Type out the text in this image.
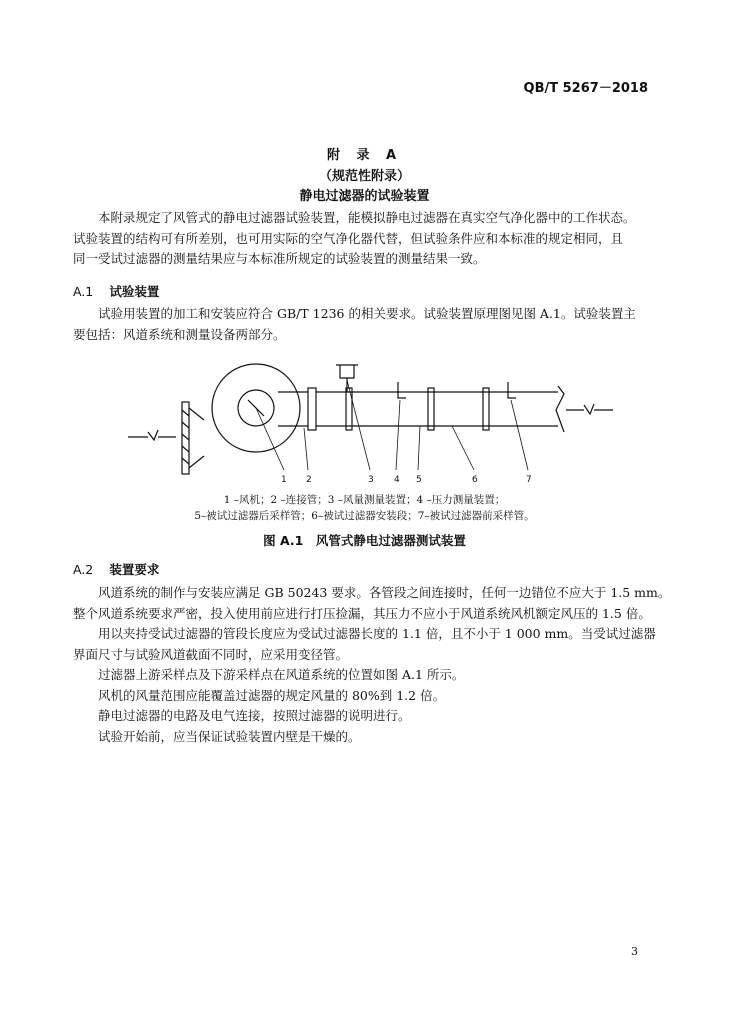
QB/T 5267－2018
附 录 A
（规范性附录）
静电过滤器的试验装置

本附录规定了风管式的静电过滤器试验装置，能模拟静电过滤器在真实空气净化器中的工作状态。
试验装置的结构可有所差别，也可用实际的空气净化器代替，但试验条件应和本标准的规定相同，且
同一受试过滤器的测量结果应与本标准所规定的试验装置的测量结果一致。

A.1 试验装置

试验用装置的加工和安装应符合 GB/T 1236 的相关要求。试验装置原理图见图 A.1。试验装置主
要包括：风道系统和测量设备两部分。

1 2	3 4 5	6	7
1 –风机；2 –连接管；3 –风量测量装置；4 –压力测量装置；
5–被试过滤器后采样管；6–被试过滤器安装段；7–被试过滤器前采样管。
图 A.1　风管式静电过滤器测试装置
A.2 装置要求

风道系统的制作与安装应满足 GB 50243 要求。各管段之间连接时，任何一边错位不应大于 1.5 mm。
整个风道系统要求严密，投入使用前应进行打压捡漏，其压力不应小于风道系统风机额定风压的 1.5 倍。
用以夹持受试过滤器的管段长度应为受试过滤器长度的 1.1 倍，且不小于 1 000 mm。当受试过滤器
界面尺寸与试验风道截面不同时，应采用变径管。
过滤器上游采样点及下游采样点在风道系统的位置如图 A.1 所示。
风机的风量范围应能覆盖过滤器的规定风量的 80%到 1.2 倍。
静电过滤器的电路及电气连接，按照过滤器的说明进行。
试验开始前，应当保证试验装置内壁是干燥的。

3
